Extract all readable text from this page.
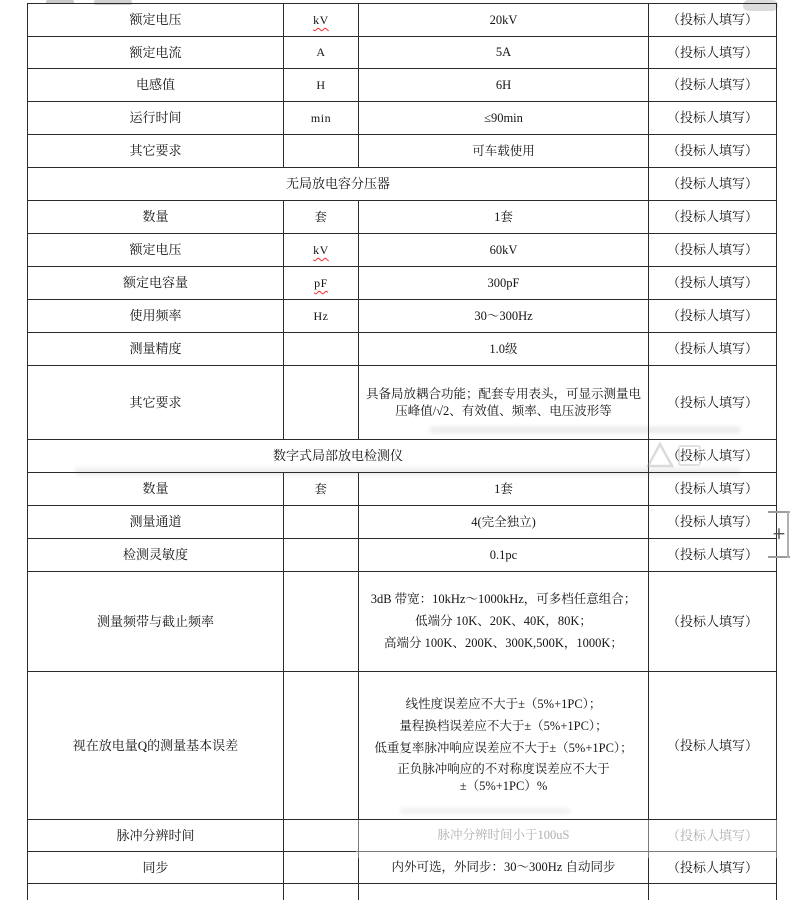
额定电压	kV	20kV	（投标人填写）
额定电流	A	5A	（投标人填写）
电感值	H	6H	（投标人填写）
运行时间	min	≤90min	（投标人填写）
其它要求		可车载使用	（投标人填写）
无局放电容分压器			（投标人填写）
数量	套	1套	（投标人填写）
额定电压	kV	60kV	（投标人填写）
额定电容量	pF	300pF	（投标人填写）
使用频率	Hz	30～300Hz	（投标人填写）
测量精度		1.0级	（投标人填写）
其它要求		具备局放耦合功能；配套专用表头，可显示测量电压峰值/√2、有效值、频率、电压波形等	（投标人填写）
数字式局部放电检测仪			（投标人填写）
数量	套	1套	（投标人填写）
测量通道		4(完全独立)	（投标人填写）
检测灵敏度		0.1pc	（投标人填写）
测量频带与截止频率		3dB 带宽：10kHz～1000kHz，可多档任意组合；

低端分 10K、20K、40K，80K；

高端分 100K、200K、300K,500K，1000K；	（投标人填写）
视在放电量Q的测量基本误差		线性度误差应不大于±（5%+1PC）；

量程换档误差应不大于±（5%+1PC）；

低重复率脉冲响应误差应不大于±（5%+1PC）；

正负脉冲响应的不对称度误差应不大于±（5%+1PC）%	（投标人填写）
脉冲分辨时间		脉冲分辨时间小于100uS	（投标人填写）
同步		内外可选，外同步：30～300Hz 自动同步	（投标人填写）

+
